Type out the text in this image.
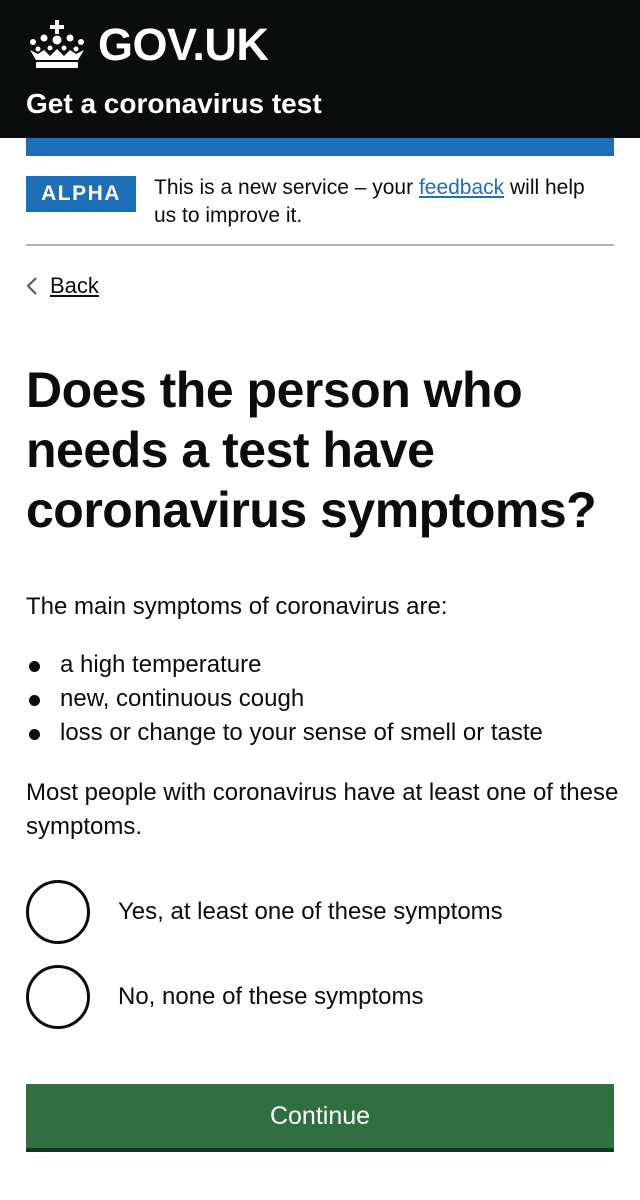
GOV.UK
Get a coronavirus test
ALPHA	This is a new service – your feedback will help us to improve it.
Back
Does the person who needs a test have coronavirus symptoms?

The main symptoms of coronavirus are:

a high temperature
new, continuous cough
loss or change to your sense of smell or taste

Most people with coronavirus have at least one of these symptoms.

Yes, at least one of these symptoms
No, none of these symptoms
Continue
